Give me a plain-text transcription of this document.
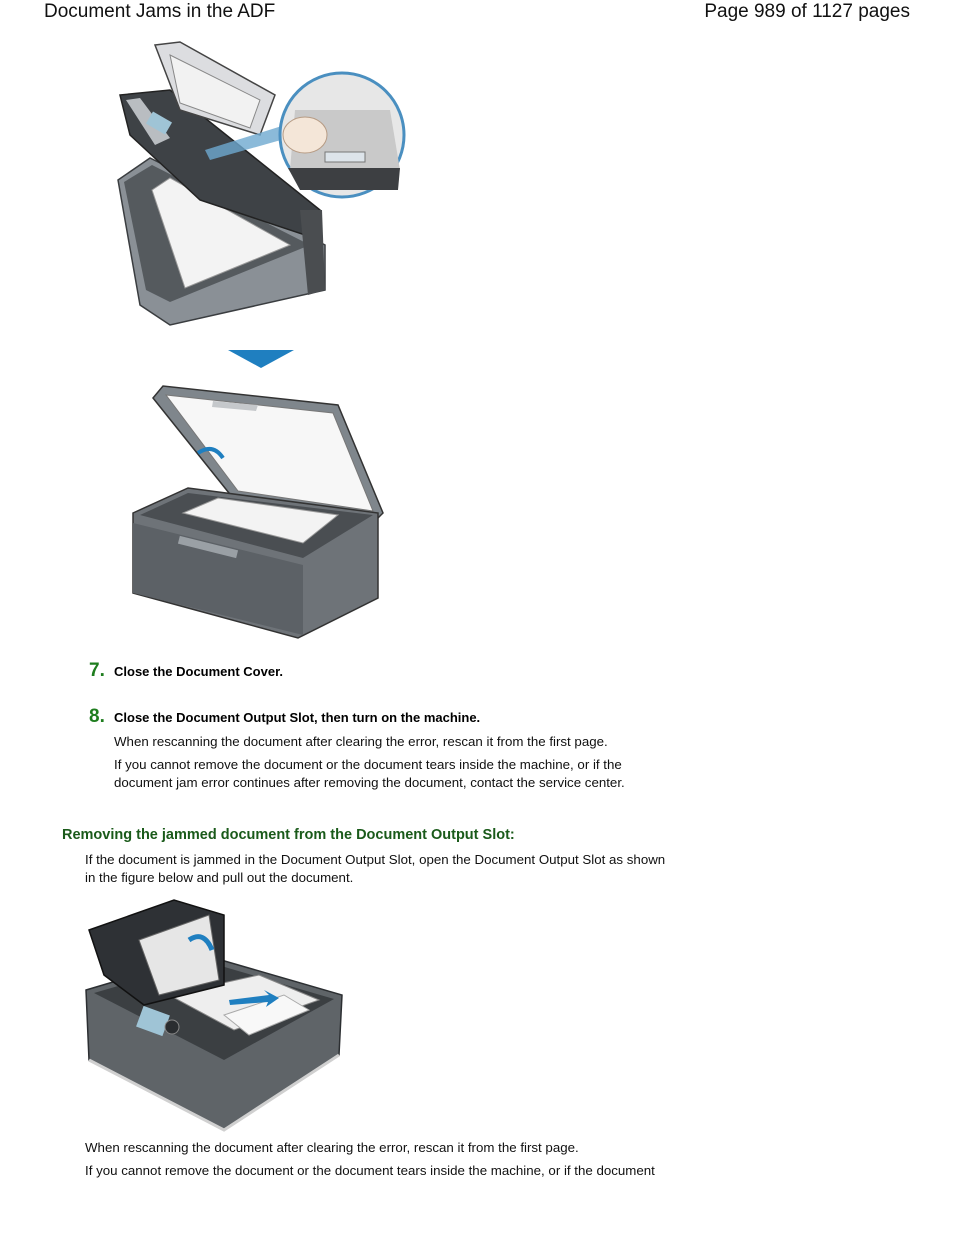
Document Jams in the ADF	Page 989 of 1127 pages
7. Close the Document Cover.
8. Close the Document Output Slot, then turn on the machine.
When rescanning the document after clearing the error, rescan it from the first page.
If you cannot remove the document or the document tears inside the machine, or if the document jam error continues after removing the document, contact the service center.
Removing the jammed document from the Document Output Slot:
If the document is jammed in the Document Output Slot, open the Document Output Slot as shown in the figure below and pull out the document.
When rescanning the document after clearing the error, rescan it from the first page.
If you cannot remove the document or the document tears inside the machine, or if the document
